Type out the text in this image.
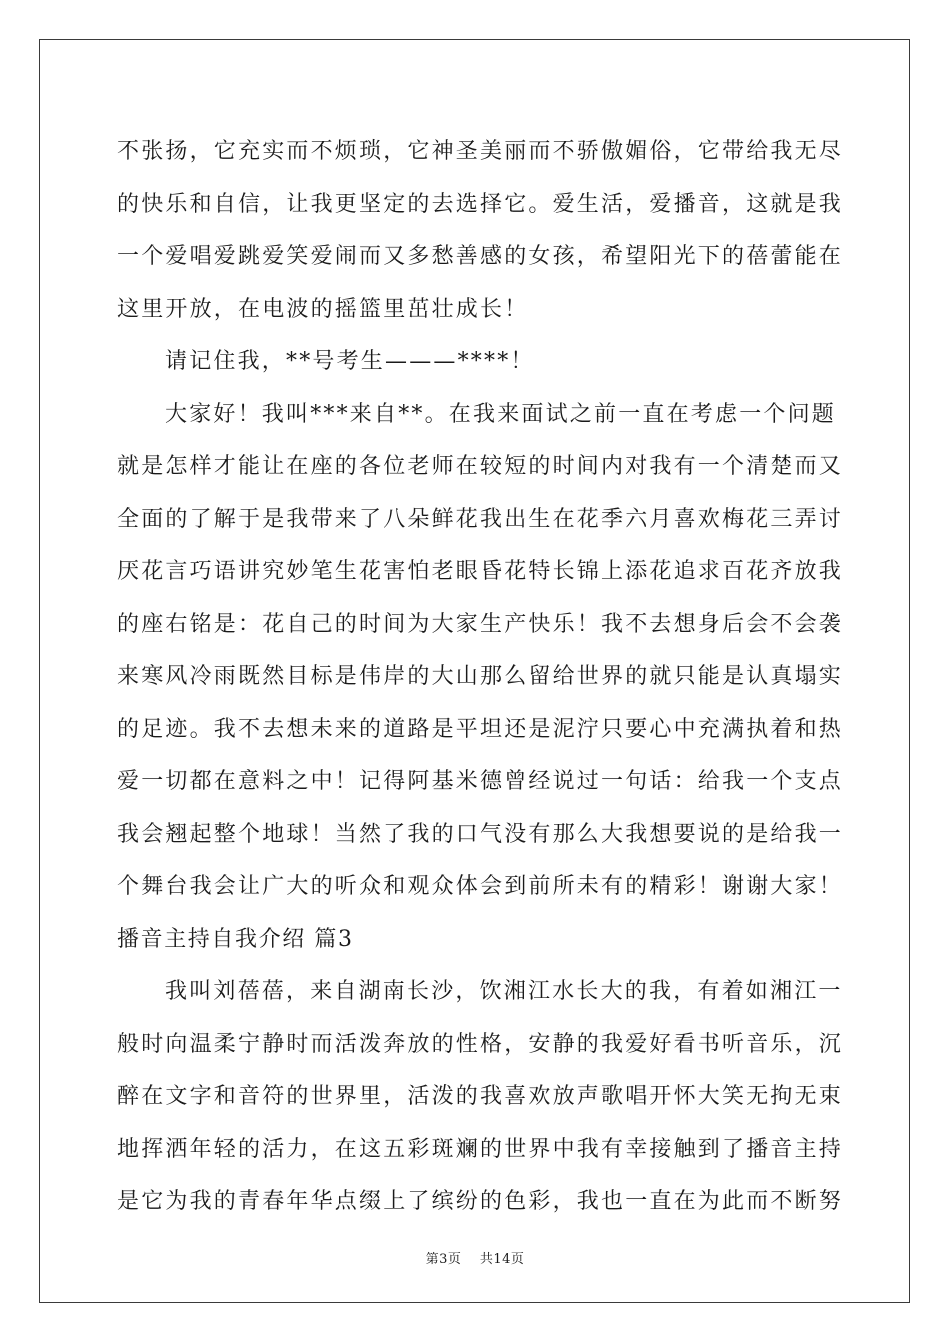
不张扬，它充实而不烦琐，它神圣美丽而不骄傲媚俗，它带给我无尽
的快乐和自信，让我更坚定的去选择它。爱生活，爱播音，这就是我
一个爱唱爱跳爱笑爱闹而又多愁善感的女孩，希望阳光下的蓓蕾能在
这里开放，在电波的摇篮里茁壮成长！

请记住我，**号考生———****！

大家好！我叫***来自**。在我来面试之前一直在考虑一个问题
就是怎样才能让在座的各位老师在较短的时间内对我有一个清楚而又
全面的了解于是我带来了八朵鲜花我出生在花季六月喜欢梅花三弄讨
厌花言巧语讲究妙笔生花害怕老眼昏花特长锦上添花追求百花齐放我
的座右铭是：花自己的时间为大家生产快乐！我不去想身后会不会袭
来寒风冷雨既然目标是伟岸的大山那么留给世界的就只能是认真塌实
的足迹。我不去想未来的道路是平坦还是泥泞只要心中充满执着和热
爱一切都在意料之中！记得阿基米德曾经说过一句话：给我一个支点
我会翘起整个地球！当然了我的口气没有那么大我想要说的是给我一
个舞台我会让广大的听众和观众体会到前所未有的精彩！谢谢大家！

播音主持自我介绍 篇3

我叫刘蓓蓓，来自湖南长沙，饮湘江水长大的我，有着如湘江一
般时向温柔宁静时而活泼奔放的性格，安静的我爱好看书听音乐，沉
醉在文字和音符的世界里，活泼的我喜欢放声歌唱开怀大笑无拘无束
地挥洒年轻的活力，在这五彩斑斓的世界中我有幸接触到了播音主持
是它为我的青春年华点缀上了缤纷的色彩，我也一直在为此而不断努

第3页 共14页
